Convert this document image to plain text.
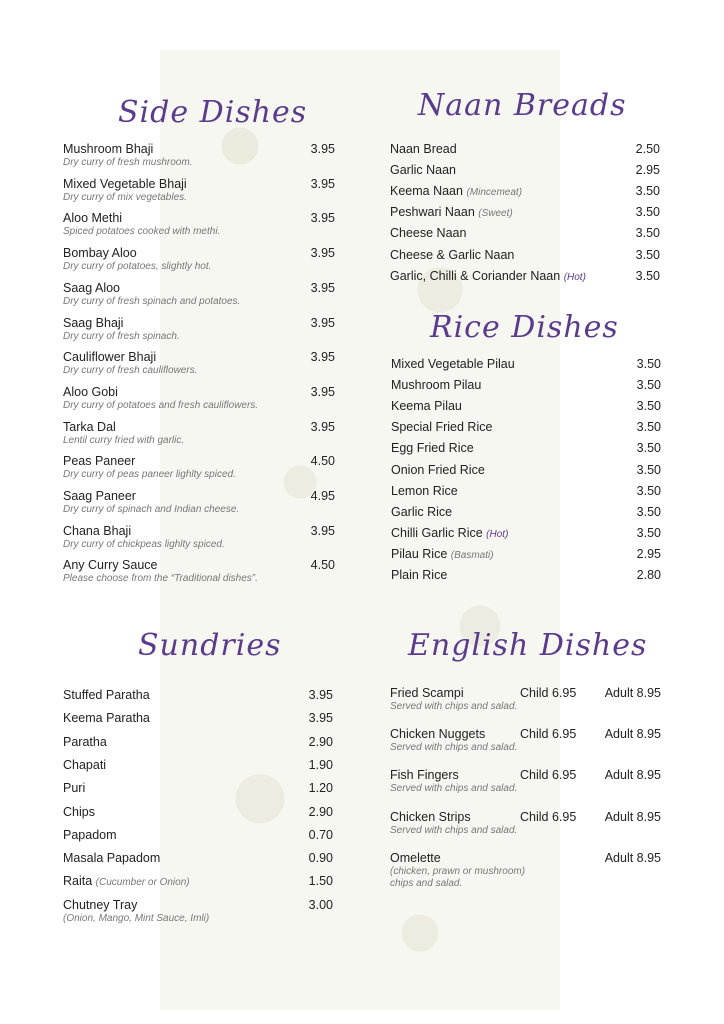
Side Dishes
Mushroom Bhaji	3.95
Dry curry of fresh mushroom.
Mixed Vegetable Bhaji	3.95
Dry curry of mix vegetables.
Aloo Methi	3.95
Spiced potatoes cooked with methi.
Bombay Aloo	3.95
Dry curry of potatoes, slightly hot.
Saag Aloo	3.95
Dry curry of fresh spinach and potatoes.
Saag Bhaji	3.95
Dry curry of fresh spinach.
Cauliflower Bhaji	3.95
Dry curry of fresh cauliflowers.
Aloo Gobi	3.95
Dry curry of potatoes and fresh cauliflowers.
Tarka Dal	3.95
Lentil curry fried with garlic.
Peas Paneer	4.50
Dry curry of peas paneer lighlty spiced.
Saag Paneer	4.95
Dry curry of spinach and Indian cheese.
Chana Bhaji	3.95
Dry curry of chickpeas lighlty spiced.
Any Curry Sauce	4.50
Please choose from the “Traditional dishes”.
Naan Breads
Naan Bread	2.50
Garlic Naan	2.95
Keema Naan (Mincemeat)	3.50
Peshwari Naan (Sweet)	3.50
Cheese Naan	3.50
Cheese & Garlic Naan	3.50
Garlic, Chilli & Coriander Naan (Hot)	3.50
Rice Dishes
Mixed Vegetable Pilau	3.50
Mushroom Pilau	3.50
Keema Pilau	3.50
Special Fried Rice	3.50
Egg Fried Rice	3.50
Onion Fried Rice	3.50
Lemon Rice	3.50
Garlic Rice	3.50
Chilli Garlic Rice (Hot)	3.50
Pilau Rice (Basmati)	2.95
Plain Rice	2.80
Sundries
Stuffed Paratha	3.95
Keema Paratha	3.95
Paratha	2.90
Chapati	1.90
Puri	1.20
Chips	2.90
Papadom	0.70
Masala Papadom	0.90
Raita (Cucumber or Onion)	1.50
Chutney Tray	3.00
(Onion, Mango, Mint Sauce, Imli)
English Dishes
Fried Scampi	Child 6.95	Adult 8.95
Served with chips and salad.
Chicken Nuggets	Child 6.95	Adult 8.95
Served with chips and salad.
Fish Fingers	Child 6.95	Adult 8.95
Served with chips and salad.
Chicken Strips	Child 6.95	Adult 8.95
Served with chips and salad.
Omelette	Adult 8.95
(chicken, prawn or mushroom)
chips and salad.
